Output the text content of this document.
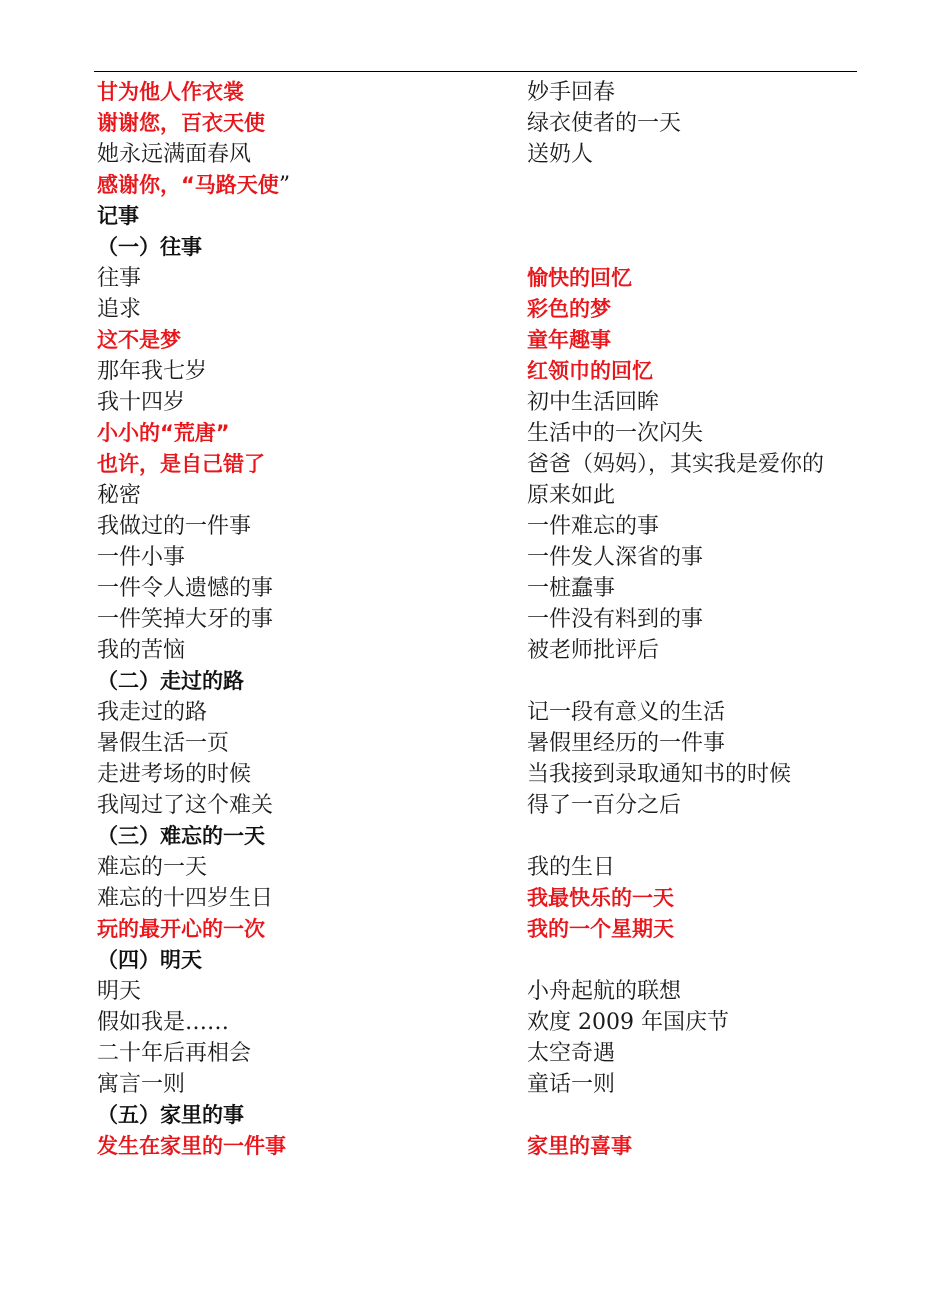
甘为他人作衣裳	妙手回春
谢谢您，百衣天使	绿衣使者的一天
她永远满面春风	送奶人
感谢你，“马路天使”
记事
（一）往事
往事	愉快的回忆
追求	彩色的梦
这不是梦	童年趣事
那年我七岁	红领巾的回忆
我十四岁	初中生活回眸
小小的“荒唐”	生活中的一次闪失
也许，是自己错了	爸爸（妈妈），其实我是爱你的
秘密	原来如此
我做过的一件事	一件难忘的事
一件小事	一件发人深省的事
一件令人遗憾的事	一桩蠢事
一件笑掉大牙的事	一件没有料到的事
我的苦恼	被老师批评后
（二）走过的路
我走过的路	记一段有意义的生活
暑假生活一页	暑假里经历的一件事
走进考场的时候	当我接到录取通知书的时候
我闯过了这个难关	得了一百分之后
（三）难忘的一天
难忘的一天	我的生日
难忘的十四岁生日	我最快乐的一天
玩的最开心的一次	我的一个星期天
（四）明天
明天	小舟起航的联想
假如我是……	欢度 2009 年国庆节
二十年后再相会	太空奇遇
寓言一则	童话一则
（五）家里的事
发生在家里的一件事	家里的喜事
